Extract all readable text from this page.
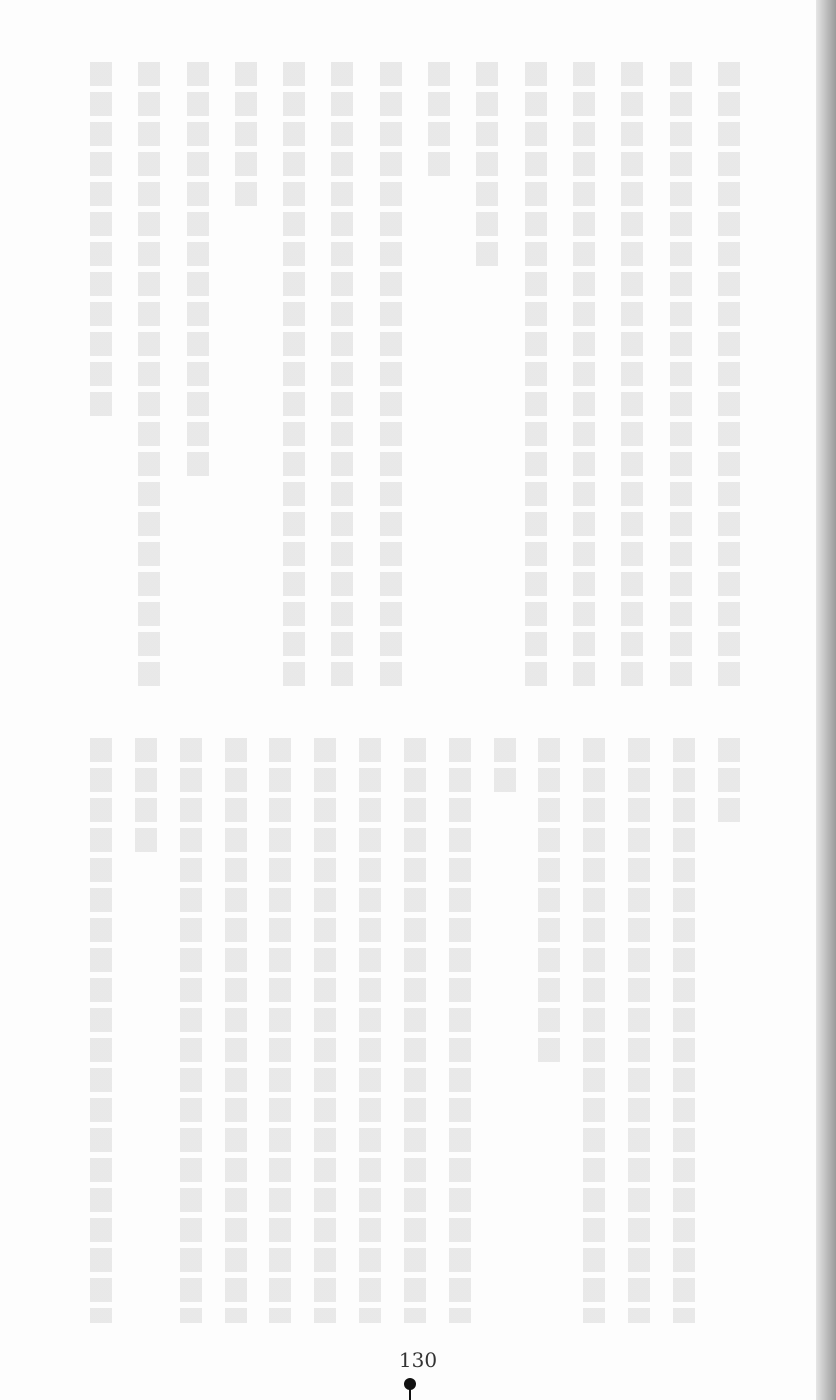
130
